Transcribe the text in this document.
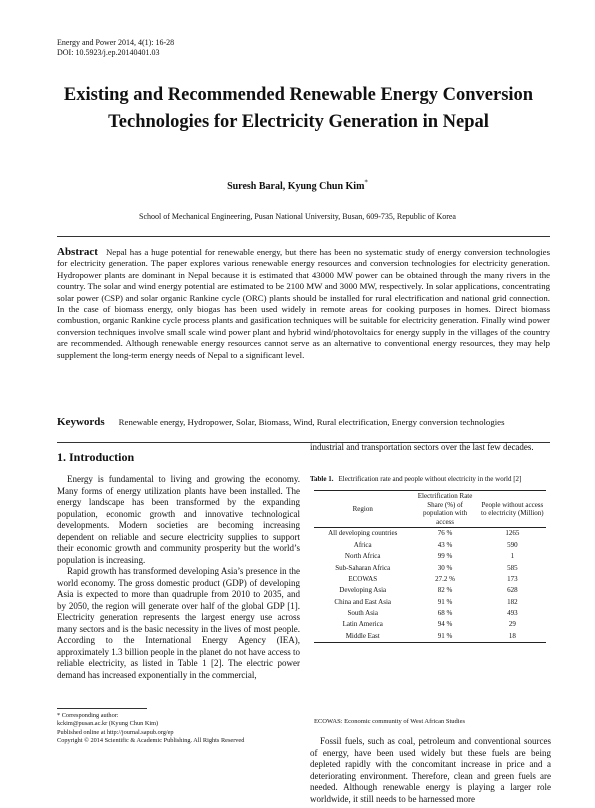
Energy and Power 2014, 4(1): 16-28
DOI: 10.5923/j.ep.20140401.03
Existing and Recommended Renewable Energy Conversion Technologies for Electricity Generation in Nepal
Suresh Baral, Kyung Chun Kim*
School of Mechanical Engineering, Pusan National University, Busan, 609-735, Republic of Korea

Abstract Nepal has a huge potential for renewable energy, but there has been no systematic study of energy conversion technologies for electricity generation. The paper explores various renewable energy resources and conversion technologies for electricity generation. Hydropower plants are dominant in Nepal because it is estimated that 43000 MW power can be obtained through the many rivers in the country. The solar and wind energy potential are estimated to be 2100 MW and 3000 MW, respectively. In solar applications, concentrating solar power (CSP) and solar organic Rankine cycle (ORC) plants should be installed for rural electrification and national grid connection. In the case of biomass energy, only biogas has been used widely in remote areas for cooking purposes in homes. Direct biomass combustion, organic Rankine cycle process plants and gasification techniques will be suitable for electricity generation. Finally wind power conversion techniques involve small scale wind power plant and hybrid wind/photovoltaics for energy supply in the villages of the country are recommended. Although renewable energy resources cannot serve as an alternative to conventional energy resources, they may help supplement the long-term energy needs of Nepal to a significant level.

Keywords Renewable energy, Hydropower, Solar, Biomass, Wind, Rural electrification, Energy conversion technologies

1. Introduction

Energy is fundamental to living and growing the economy. Many forms of energy utilization plants have been installed. The energy landscape has been transformed by the expanding population, economic growth and innovative technological developments. Modern societies are becoming increasing dependent on reliable and secure electricity supplies to support their economic growth and community prosperity but the world’s population is increasing.

Rapid growth has transformed developing Asia’s presence in the world economy. The gross domestic product (GDP) of developing Asia is expected to more than quadruple from 2010 to 2035, and by 2050, the region will generate over half of the global GDP [1]. Electricity generation represents the largest energy use across many sectors and is the basic necessity in the lives of most people. According to the International Energy Agency (IEA), approximately 1.3 billion people in the planet do not have access to reliable electricity, as listed in Table 1 [2]. The electric power demand has increased exponentially in the commercial,

industrial and transportation sectors over the last few decades.

Table 1. Electrification rate and people without electricity in the world [2]
Region	Electrification Rate Share (%) of population with access	People without access to electricity (Million)
All developing countries	76 %	1265
Africa	43 %	590
North Africa	99 %	1
Sub-Saharan Africa	30 %	585
ECOWAS	27.2 %	173
Developing Asia	82 %	628
China and East Asia	91 %	182
South Asia	68 %	493
Latin America	94 %	29
Middle East	91 %	18
ECOWAS: Economic community of West African Studies

Fossil fuels, such as coal, petroleum and conventional sources of energy, have been used widely but these fuels are being depleted rapidly with the concomitant increase in price and a deteriorating environment. Therefore, clean and green fuels are needed. Although renewable energy is playing a larger role worldwide, it still needs to be harnessed more

* Corresponding author:
kckim@pusan.ac.kr (Kyung Chun Kim)
Published online at http://journal.sapub.org/ep
Copyright © 2014 Scientific & Academic Publishing. All Rights Reserved
